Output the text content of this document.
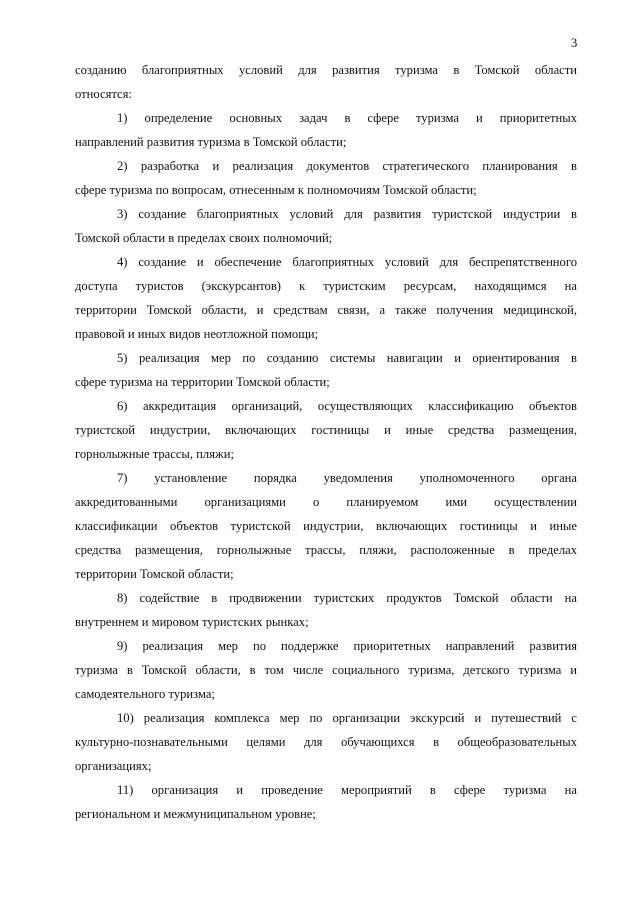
3
созданию благоприятных условий для развития туризма в Томской области
относятся:
1) определение основных задач в сфере туризма и приоритетных
направлений развития туризма в Томской области;
2) разработка и реализация документов стратегического планирования в
сфере туризма по вопросам, отнесенным к полномочиям Томской области;
3) создание благоприятных условий для развития туристской индустрии в
Томской области в пределах своих полномочий;
4) создание и обеспечение благоприятных условий для беспрепятственного
доступа туристов (экскурсантов) к туристским ресурсам, находящимся на
территории Томской области, и средствам связи, а также получения медицинской,
правовой и иных видов неотложной помощи;
5) реализация мер по созданию системы навигации и ориентирования в
сфере туризма на территории Томской области;
6) аккредитация организаций, осуществляющих классификацию объектов
туристской индустрии, включающих гостиницы и иные средства размещения,
горнолыжные трассы, пляжи;
7) установление порядка уведомления уполномоченного органа
аккредитованными организациями о планируемом ими осуществлении
классификации объектов туристской индустрии, включающих гостиницы и иные
средства размещения, горнолыжные трассы, пляжи, расположенные в пределах
территории Томской области;
8) содействие в продвижении туристских продуктов Томской области на
внутреннем и мировом туристских рынках;
9) реализация мер по поддержке приоритетных направлений развития
туризма в Томской области, в том числе социального туризма, детского туризма и
самодеятельного туризма;
10) реализация комплекса мер по организации экскурсий и путешествий с
культурно-познавательными целями для обучающихся в общеобразовательных
организациях;
11) организация и проведение мероприятий в сфере туризма на
региональном и межмуниципальном уровне;
